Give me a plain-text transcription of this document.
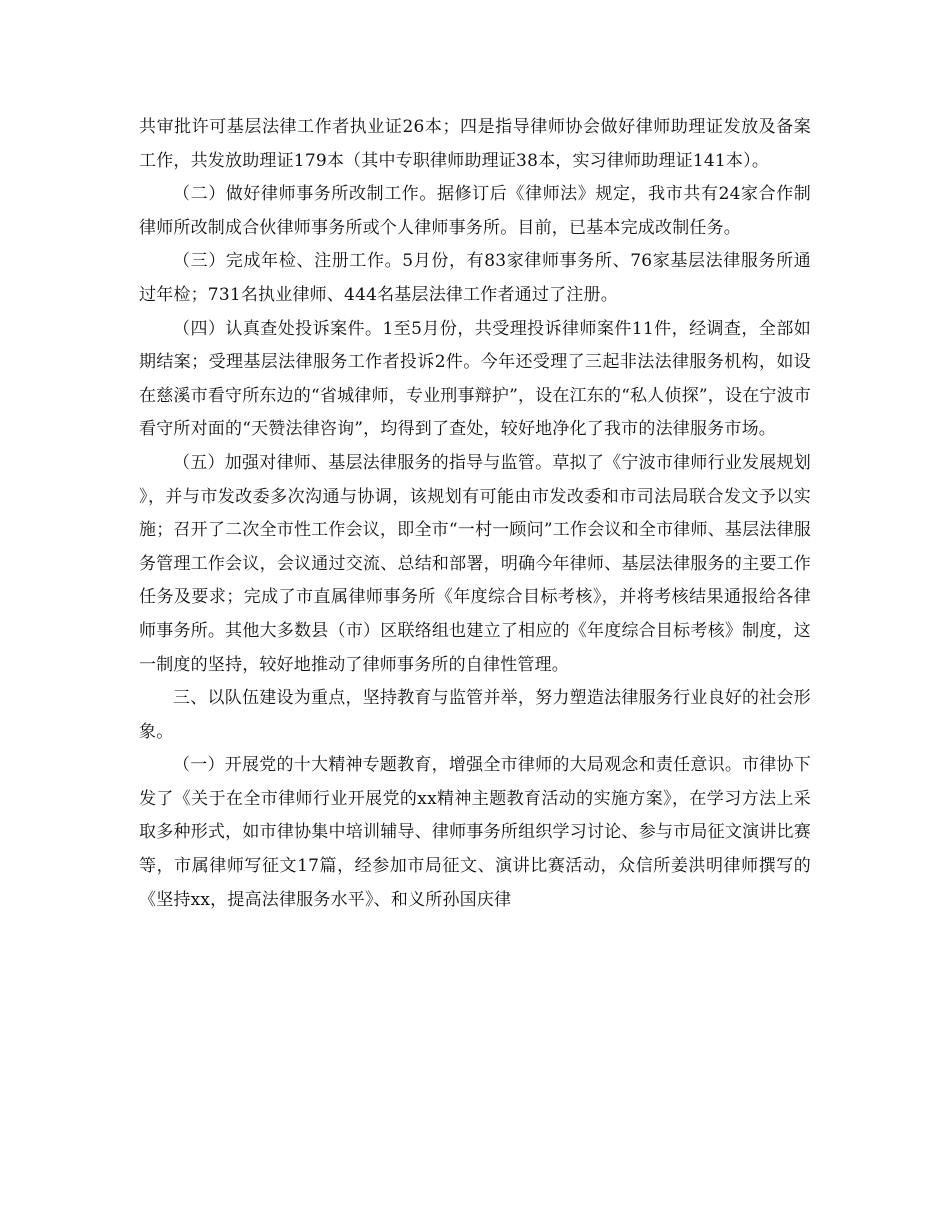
共审批许可基层法律工作者执业证26本；四是指导律师协会做好律师助理证发放及备案工作，共发放助理证179本（其中专职律师助理证38本，实习律师助理证141本）。

（二）做好律师事务所改制工作。据修订后《律师法》规定，我市共有24家合作制律师所改制成合伙律师事务所或个人律师事务所。目前，已基本完成改制任务。

（三）完成年检、注册工作。5月份，有83家律师事务所、76家基层法律服务所通过年检；731名执业律师、444名基层法律工作者通过了注册。

（四）认真查处投诉案件。1至5月份，共受理投诉律师案件11件，经调查，全部如期结案；受理基层法律服务工作者投诉2件。今年还受理了三起非法法律服务机构，如设在慈溪市看守所东边的“省城律师，专业刑事辩护”，设在江东的“私人侦探”，设在宁波市看守所对面的“天赞法律咨询”，均得到了查处，较好地净化了我市的法律服务市场。

（五）加强对律师、基层法律服务的指导与监管。草拟了《宁波市律师行业发展规划》，并与市发改委多次沟通与协调，该规划有可能由市发改委和市司法局联合发文予以实施；召开了二次全市性工作会议，即全市“一村一顾问”工作会议和全市律师、基层法律服务管理工作会议，会议通过交流、总结和部署，明确今年律师、基层法律服务的主要工作任务及要求；完成了市直属律师事务所《年度综合目标考核》，并将考核结果通报给各律师事务所。其他大多数县（市）区联络组也建立了相应的《年度综合目标考核》制度，这一制度的坚持，较好地推动了律师事务所的自律性管理。

三、以队伍建设为重点，坚持教育与监管并举，努力塑造法律服务行业良好的社会形象。

（一）开展党的十大精神专题教育，增强全市律师的大局观念和责任意识。市律协下发了《关于在全市律师行业开展党的xx精神主题教育活动的实施方案》，在学习方法上采取多种形式，如市律协集中培训辅导、律师事务所组织学习讨论、参与市局征文演讲比赛等，市属律师写征文17篇，经参加市局征文、演讲比赛活动，众信所姜洪明律师撰写的《坚持xx，提高法律服务水平》、和义所孙国庆律
